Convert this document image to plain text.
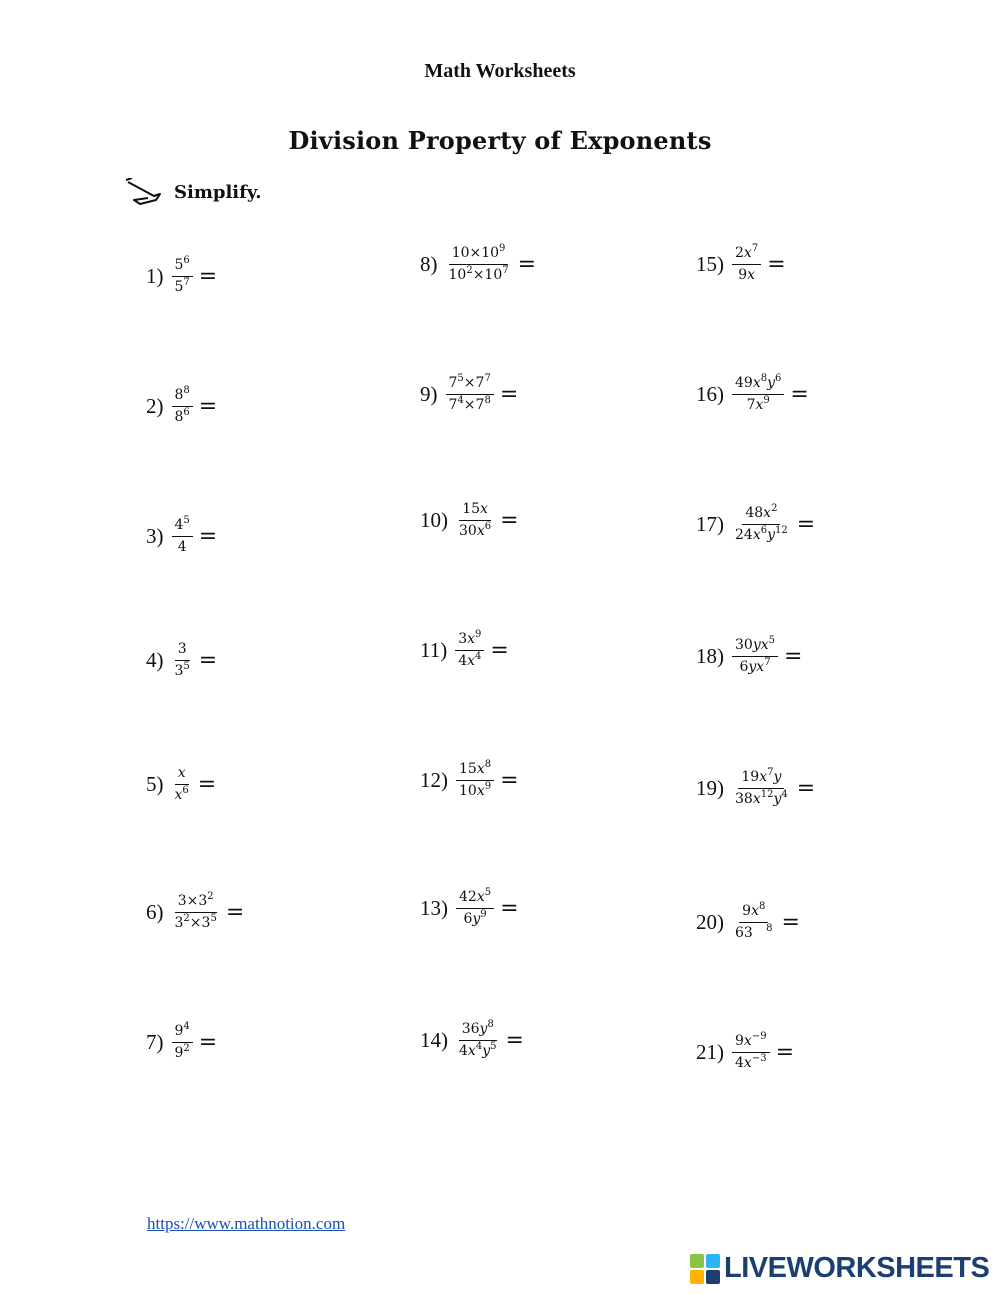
Math Worksheets
Division Property of Exponents
Simplify.
$1) \frac{5^6}{5^7}$ =
$2) \frac{8^8}{8^6}$ =
$3) \frac{4^5}{4}$ =
$4) \frac{3}{3^5}$ =
$5) \frac{x}{x^6}$ =
$6) \frac{3\times 3^2}{3^2\times 3^5}$ =
$7) \frac{9^4}{9^2}$ =
$8) \frac{10\times 10^9}{10^2\times 10^7}$ =
$9) \frac{7^5\times 7^7}{7^4\times 7^8}$ =
$10) \frac{15x}{30x^6}$ =
$11) \frac{3x^9}{4x^4}$ =
$12) \frac{15x^8}{10x^9}$ =
$13) \frac{42x^5}{6y^9}$ =
$14) \frac{36y^8}{4x^4y^5}$ =
$15) \frac{2x^7}{9x}$ =
$16) \frac{49x^8y^6}{7x^9}$ =
$17) \frac{48x^2}{24x^6y^{12}}$ =
$18) \frac{30yx^5}{6yx^7}$ =
$19) \frac{19x^7y}{38x^{12}y^4}$ =
$20) \frac{9x^8}{63 ^8}$ =
$21) \frac{9x^{-9}}{4x^{-3}}$ =
https://www.mathnotion.com
LIVEWORKSHEETS
